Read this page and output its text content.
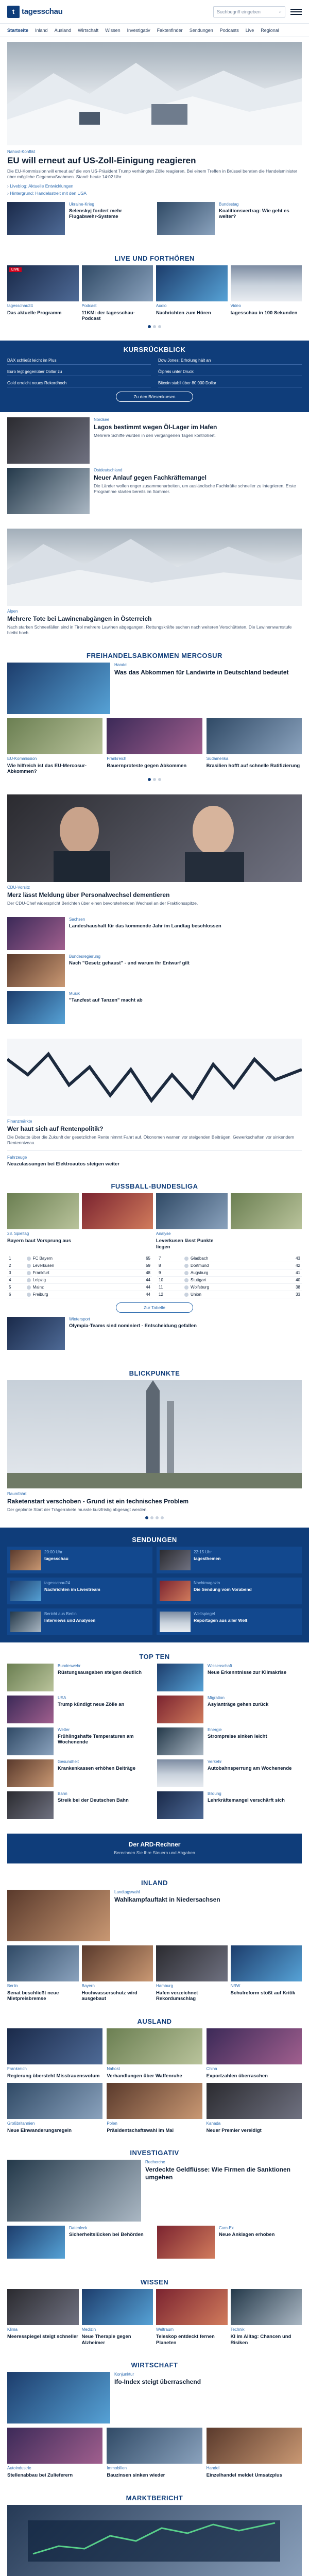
t tagesschau	Suchbegriff eingeben	⌕
Startseite Inland Ausland Wirtschaft Wissen Investigativ Faktenfinder Sendungen Podcasts Live Regional
Nahost-Konflikt
EU will erneut auf US-Zoll-Einigung reagieren

Die EU-Kommission will erneut auf die von US-Präsident Trump verhängten Zölle reagieren. Bei einem Treffen in Brüssel beraten die Handelsminister über mögliche Gegenmaßnahmen. Stand: heute 14:02 Uhr

› Liveblog: Aktuelle Entwicklungen
› Hintergrund: Handelsstreit mit den USA
Ukraine-Krieg
Selenskyj fordert mehr Flugabwehr-Systeme
Bundestag
Koalitionsvertrag: Wie geht es weiter?
LIVE UND FORTHÖREN
LIVE
tagesschau24
Das aktuelle Programm
Podcast
11KM: der tagesschau-Podcast
Audio
Nachrichten zum Hören
Video
tagesschau in 100 Sekunden
KURSRÜCKBLICK
DAX schließt leicht im Plus	Dow Jones: Erholung hält an
Euro legt gegenüber Dollar zu	Ölpreis unter Druck
Gold erreicht neues Rekordhoch	Bitcoin stabil über 80.000 Dollar
Zu den Börsenkursen
Nordsee
Lagos bestimmt wegen Öl-Lager im Hafen

Mehrere Schiffe wurden in den vergangenen Tagen kontrolliert.

Ostdeutschland
Neuer Anlauf gegen Fachkräftemangel

Die Länder wollen enger zusammenarbeiten, um ausländische Fachkräfte schneller zu integrieren. Erste Programme starten bereits im Sommer.

Alpen
Mehrere Tote bei Lawinenabgängen in Österreich

Nach starken Schneefällen sind in Tirol mehrere Lawinen abgegangen. Rettungskräfte suchen nach weiteren Verschütteten. Die Lawinenwarnstufe bleibt hoch.

FREIHANDELSABKOMMEN MERCOSUR
Handel
Was das Abkommen für Landwirte in Deutschland bedeutet
EU-Kommission
Wie hilfreich ist das EU-Mercosur-Abkommen?
Frankreich
Bauernproteste gegen Abkommen
Südamerika
Brasilien hofft auf schnelle Ratifizierung
CDU-Vorsitz
Merz lässt Meldung über Personalwechsel dementieren

Der CDU-Chef widerspricht Berichten über einen bevorstehenden Wechsel an der Fraktionsspitze.

Sachsen
Landeshaushalt für das kommende Jahr im Landtag beschlossen
Bundesregierung
Nach "Gesetz gehaust" - und warum ihr Entwurf gilt
Musik
"Tanzfest auf Tanzen" macht ab
Finanzmärkte
Wer haut sich auf Rentenpolitik?

Die Debatte über die Zukunft der gesetzlichen Rente nimmt Fahrt auf. Ökonomen warnen vor steigenden Beiträgen, Gewerkschaften vor sinkendem Rentenniveau.

Fahrzeuge
Neuzulassungen bei Elektroautos steigen weiter
FUSSBALL-BUNDESLIGA
28. Spieltag
Bayern baut Vorsprung aus
Analyse
Leverkusen lässt Punkte liegen
1	FC Bayern	65
2	Leverkusen	59
3	Frankfurt	48
4	Leipzig	44
5	Mainz	44
6	Freiburg	44
7	Gladbach	43
8	Dortmund	42
9	Augsburg	41
10	Stuttgart	40
11	Wolfsburg	38
12	Union	33
Zur Tabelle
Wintersport
Olympia-Teams sind nominiert - Entscheidung gefallen
BLICKPUNKTE
Raumfahrt
Raketenstart verschoben - Grund ist ein technisches Problem

Der geplante Start der Trägerrakete musste kurzfristig abgesagt werden.

SENDUNGEN
20:00 Uhr
tagesschau
22:15 Uhr
tagesthemen
tagesschau24
Nachrichten im Livestream
Nachtmagazin
Die Sendung vom Vorabend
Bericht aus Berlin
Interviews und Analysen
Weltspiegel
Reportagen aus aller Welt
TOP TEN
Bundeswehr
Rüstungsausgaben steigen deutlich
USA
Trump kündigt neue Zölle an
Wetter
Frühlingshafte Temperaturen am Wochenende
Gesundheit
Krankenkassen erhöhen Beiträge
Bahn
Streik bei der Deutschen Bahn
Wissenschaft
Neue Erkenntnisse zur Klimakrise
Migration
Asylanträge gehen zurück
Energie
Strompreise sinken leicht
Verkehr
Autobahnsperrung am Wochenende
Bildung
Lehrkräftemangel verschärft sich
Der ARD-Rechner
Berechnen Sie Ihre Steuern und Abgaben
INLAND
Landtagswahl
Wahlkampfauftakt in Niedersachsen
Berlin
Senat beschließt neue Mietpreisbremse
Bayern
Hochwasserschutz wird ausgebaut
Hamburg
Hafen verzeichnet Rekordumschlag
NRW
Schulreform stößt auf Kritik
AUSLAND
Frankreich
Regierung übersteht Misstrauensvotum
Nahost
Verhandlungen über Waffenruhe
China
Exportzahlen überraschen
Großbritannien
Neue Einwanderungsregeln
Polen
Präsidentschaftswahl im Mai
Kanada
Neuer Premier vereidigt
INVESTIGATIV
Recherche
Verdeckte Geldflüsse: Wie Firmen die Sanktionen umgehen
Datenleck
Sicherheitslücken bei Behörden
Cum-Ex
Neue Anklagen erhoben
WISSEN
Klima
Meeresspiegel steigt schneller
Medizin
Neue Therapie gegen Alzheimer
Weltraum
Teleskop entdeckt fernen Planeten
Technik
KI im Alltag: Chancen und Risiken
WIRTSCHAFT
Konjunktur
Ifo-Index steigt überraschend
Autoindustrie
Stellenabbau bei Zulieferern
Immobilien
Bauzinsen sinken wieder
Handel
Einzelhandel meldet Umsatzplus
MARKTBERICHT
